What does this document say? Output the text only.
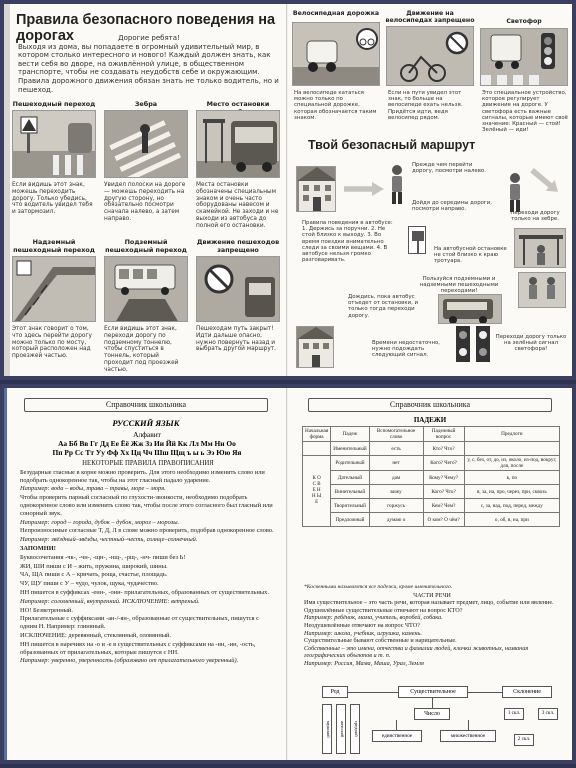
Правила безопасного поведения на дорогах	Дорогие ребята!
Выходя из дома, вы попадаете в огромный удивительный мир, в котором столько интересного и нового! Каждый должен знать, как вести себя во дворе, на оживлённой улице, в общественном транспорте, чтобы не создавать неудобств себе и окружающим. Правила дорожного движения обязан знать не только водитель, но и пешеход.
Пешеходный переход
Если видишь этот знак, можешь переходить дорогу. Только убедись, что водитель увидел тебя и затормозил.
Зебра
Увидел полоски на дороге — можешь переходить на другую сторону, но обязательно посмотри сначала налево, а затем направо.
Место остановки
Места остановки обозначены специальным знаком и очень часто оборудованы навесом и скамейкой. Не заходи и не выходи из автобуса до полной его остановки.
Надземный пешеходный переход
Этот знак говорит о том, что здесь перейти дорогу можно только по мосту, который расположен над проезжей частью.
Подземный пешеходный переход
Если видишь этот знак, переходи дорогу по подземному тоннелю, чтобы спуститься в тоннель, который проходит под проезжей частью.
Движение пешеходов запрещено
Пешеходам путь закрыт! Идти дальше опасно, нужно повернуть назад и выбрать другой маршрут.
Велосипедная дорожка
На велосипеде кататься можно только по специальной дорожке, которая обозначается таким знаком.
Движение на велосипедах запрещено
Если на пути увидел этот знак, то больше на велосипеде ехать нельзя. Придётся идти, ведя велосипед рядом.
Светофор
Это специальное устройство, которое регулирует движение на дороге. У светофора есть важные сигналы, которые имеют своё значение: Красный — стой! Зелёный — иди!
Твой безопасный маршрут
Прежде чем перейти дорогу, посмотри налево.
Дойдя до середины дороги, посмотри направо.
Переходи дорогу только на зебре.
Правила поведения в автобусе: 1. Держись за поручни. 2. Не стой близко к выходу. 3. Во время поездки внимательно следи за своими вещами. 4. В автобусе нельзя громко разговаривать.
На автобусной остановке не стой близко к краю тротуара.
Пользуйся подземными и надземными пешеходными переходами!
Дождись, пока автобус отъедет от остановки, и только тогда переходи дорогу.
Времени недостаточно, нужно подождать следующий сигнал.
Переходи дорогу только на зелёный сигнал светофора!
Справочник школьника
РУССКИЙ ЯЗЫК
Алфавит
Аа Бб Вв Гг Дд Ее Ёё Жж Зз Ии Йй Кк Лл Мм Нн Оо
Пп Рр Сс Тт Уу Фф Хх Цц Чч Шш Щщ ъ ы ь Ээ Юю Яя

НЕКОТОРЫЕ ПРАВИЛА ПРАВОПИСАНИЯ

Безударные гласные в корне можно проверить. Для этого необходимо изменить слово или подобрать однокоренное так, чтобы на этот гласный падало ударение.

Например: вода – воды, трава – травы, море – моря.

Чтобы проверить парный согласный по глухости-звонкости, необходимо подобрать однокоренное слово или изменить слово так, чтобы после этого согласного был гласный или сонорный звук.

Например: город – города, дубок – дубок, мороз – морозы.

Непроизносимые согласные Т, Д, Л в слове можно проверить, подобрав однокоренное слово.

Например: звёздный–звёзды, честный–честь, солнце–солнечный.

ЗАПОМНИ!

Буквосочетания -чк-, -чн-, -щн-, -нщ-, -рщ-, -нч- пиши без Ь!

ЖИ, ШИ пиши с И – жить, пружина, широкий, шины.

ЧА, ЩА пиши с А – кричать, роща, счастье, площадь.

ЧУ, ЩУ пиши с У – чудо, чулок, щука, чудачество.

НН пишется в суффиксах -енн-, -онн- прилагательных, образованных от существительных.

Например: соломенный, внутренний. ИСКЛЮЧЕНИЕ: ветреный.

НО! Безветренный.

Прилагательные с суффиксами -ан-/-ян-, образованные от существительных, пишутся с одним Н. Например: глиняный.

ИСКЛЮЧЕНИЕ: деревянный, стеклянный, оловянный.

НН пишется в наречиях на -о и -е в существительных с суффиксами на -нн, -ин, -ость, образованных от прилагательных, которые пишутся с НН.

Например: уверенно, уверенность (образовано от прилагательного уверенный).

Справочник школьника
ПАДЕЖИ
Начальная форма	Падеж	Вспомогательное слово	Падежный вопрос	Предлоги
	Именительный	есть	Кто? Что?	
К О С В Е Н Н Ы Е	Родительный	нет	Кого? Чего?	у, с, без, от, до, из, около, из-под, вокруг, для, после
	Дательный	дам	Кому? Чему?	к, по
	Винительный	вижу	Кого? Что?	в, за, на, про, через, при, сквозь
	Творительный	горжусь	Кем? Чем?	с, за, над, под, перед, между
	Предложный	думаю о	О ком? О чём?	о, об, в, на, при
*Косвенными называются все падежи, кроме именительного.
ЧАСТИ РЕЧИ
Имя существительное – это часть речи, которая называет предмет, лицо, событие или явление. Одушевлённые существительные отвечают на вопрос КТО?
Например: ребёнок, мама, учитель, воробей, собака.
Неодушевлённые отвечают на вопрос ЧТО?
Например: школа, учебник, игрушка, камень.
Существительные бывают собственные и нарицательные.
Собственные – это имена, отчества и фамилии людей, клички животных, названия географических объектов и т. п.
Например: Россия, Мама, Маша, Урал, Земля
Существительное
Род	Склонение
Число
единственное	множественное
мужской	женский	средний
1 скл.
2 скл.
3 скл.
